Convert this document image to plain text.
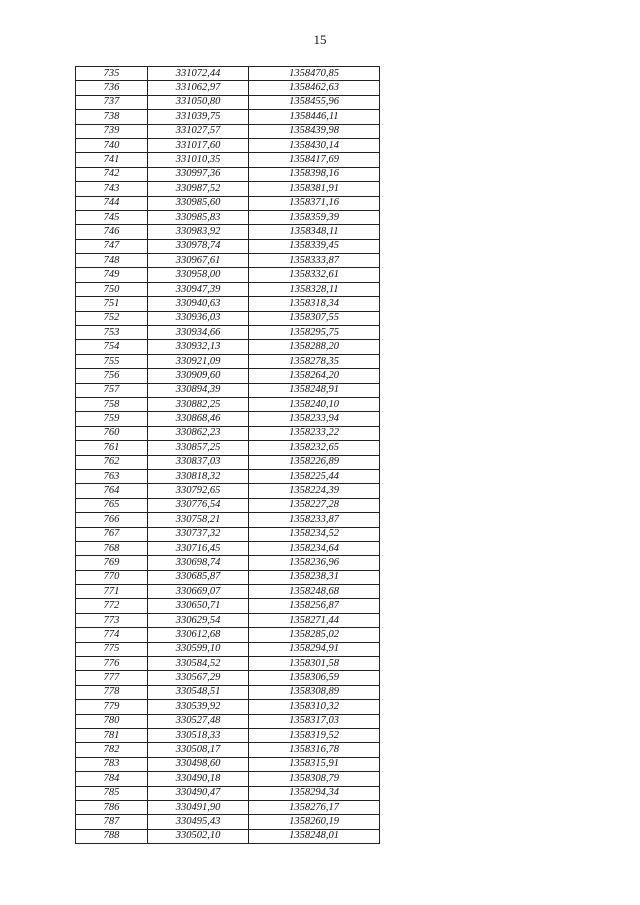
15
735	331072,44	1358470,85
736	331062,97	1358462,63
737	331050,80	1358455,96
738	331039,75	1358446,11
739	331027,57	1358439,98
740	331017,60	1358430,14
741	331010,35	1358417,69
742	330997,36	1358398,16
743	330987,52	1358381,91
744	330985,60	1358371,16
745	330985,83	1358359,39
746	330983,92	1358348,11
747	330978,74	1358339,45
748	330967,61	1358333,87
749	330958,00	1358332,61
750	330947,39	1358328,11
751	330940,63	1358318,34
752	330936,03	1358307,55
753	330934,66	1358295,75
754	330932,13	1358288,20
755	330921,09	1358278,35
756	330909,60	1358264,20
757	330894,39	1358248,91
758	330882,25	1358240,10
759	330868,46	1358233,94
760	330862,23	1358233,22
761	330857,25	1358232,65
762	330837,03	1358226,89
763	330818,32	1358225,44
764	330792,65	1358224,39
765	330776,54	1358227,28
766	330758,21	1358233,87
767	330737,32	1358234,52
768	330716,45	1358234,64
769	330698,74	1358236,96
770	330685,87	1358238,31
771	330669,07	1358248,68
772	330650,71	1358256,87
773	330629,54	1358271,44
774	330612,68	1358285,02
775	330599,10	1358294,91
776	330584,52	1358301,58
777	330567,29	1358306,59
778	330548,51	1358308,89
779	330539,92	1358310,32
780	330527,48	1358317,03
781	330518,33	1358319,52
782	330508,17	1358316,78
783	330498,60	1358315,91
784	330490,18	1358308,79
785	330490,47	1358294,34
786	330491,90	1358276,17
787	330495,43	1358260,19
788	330502,10	1358248,01
